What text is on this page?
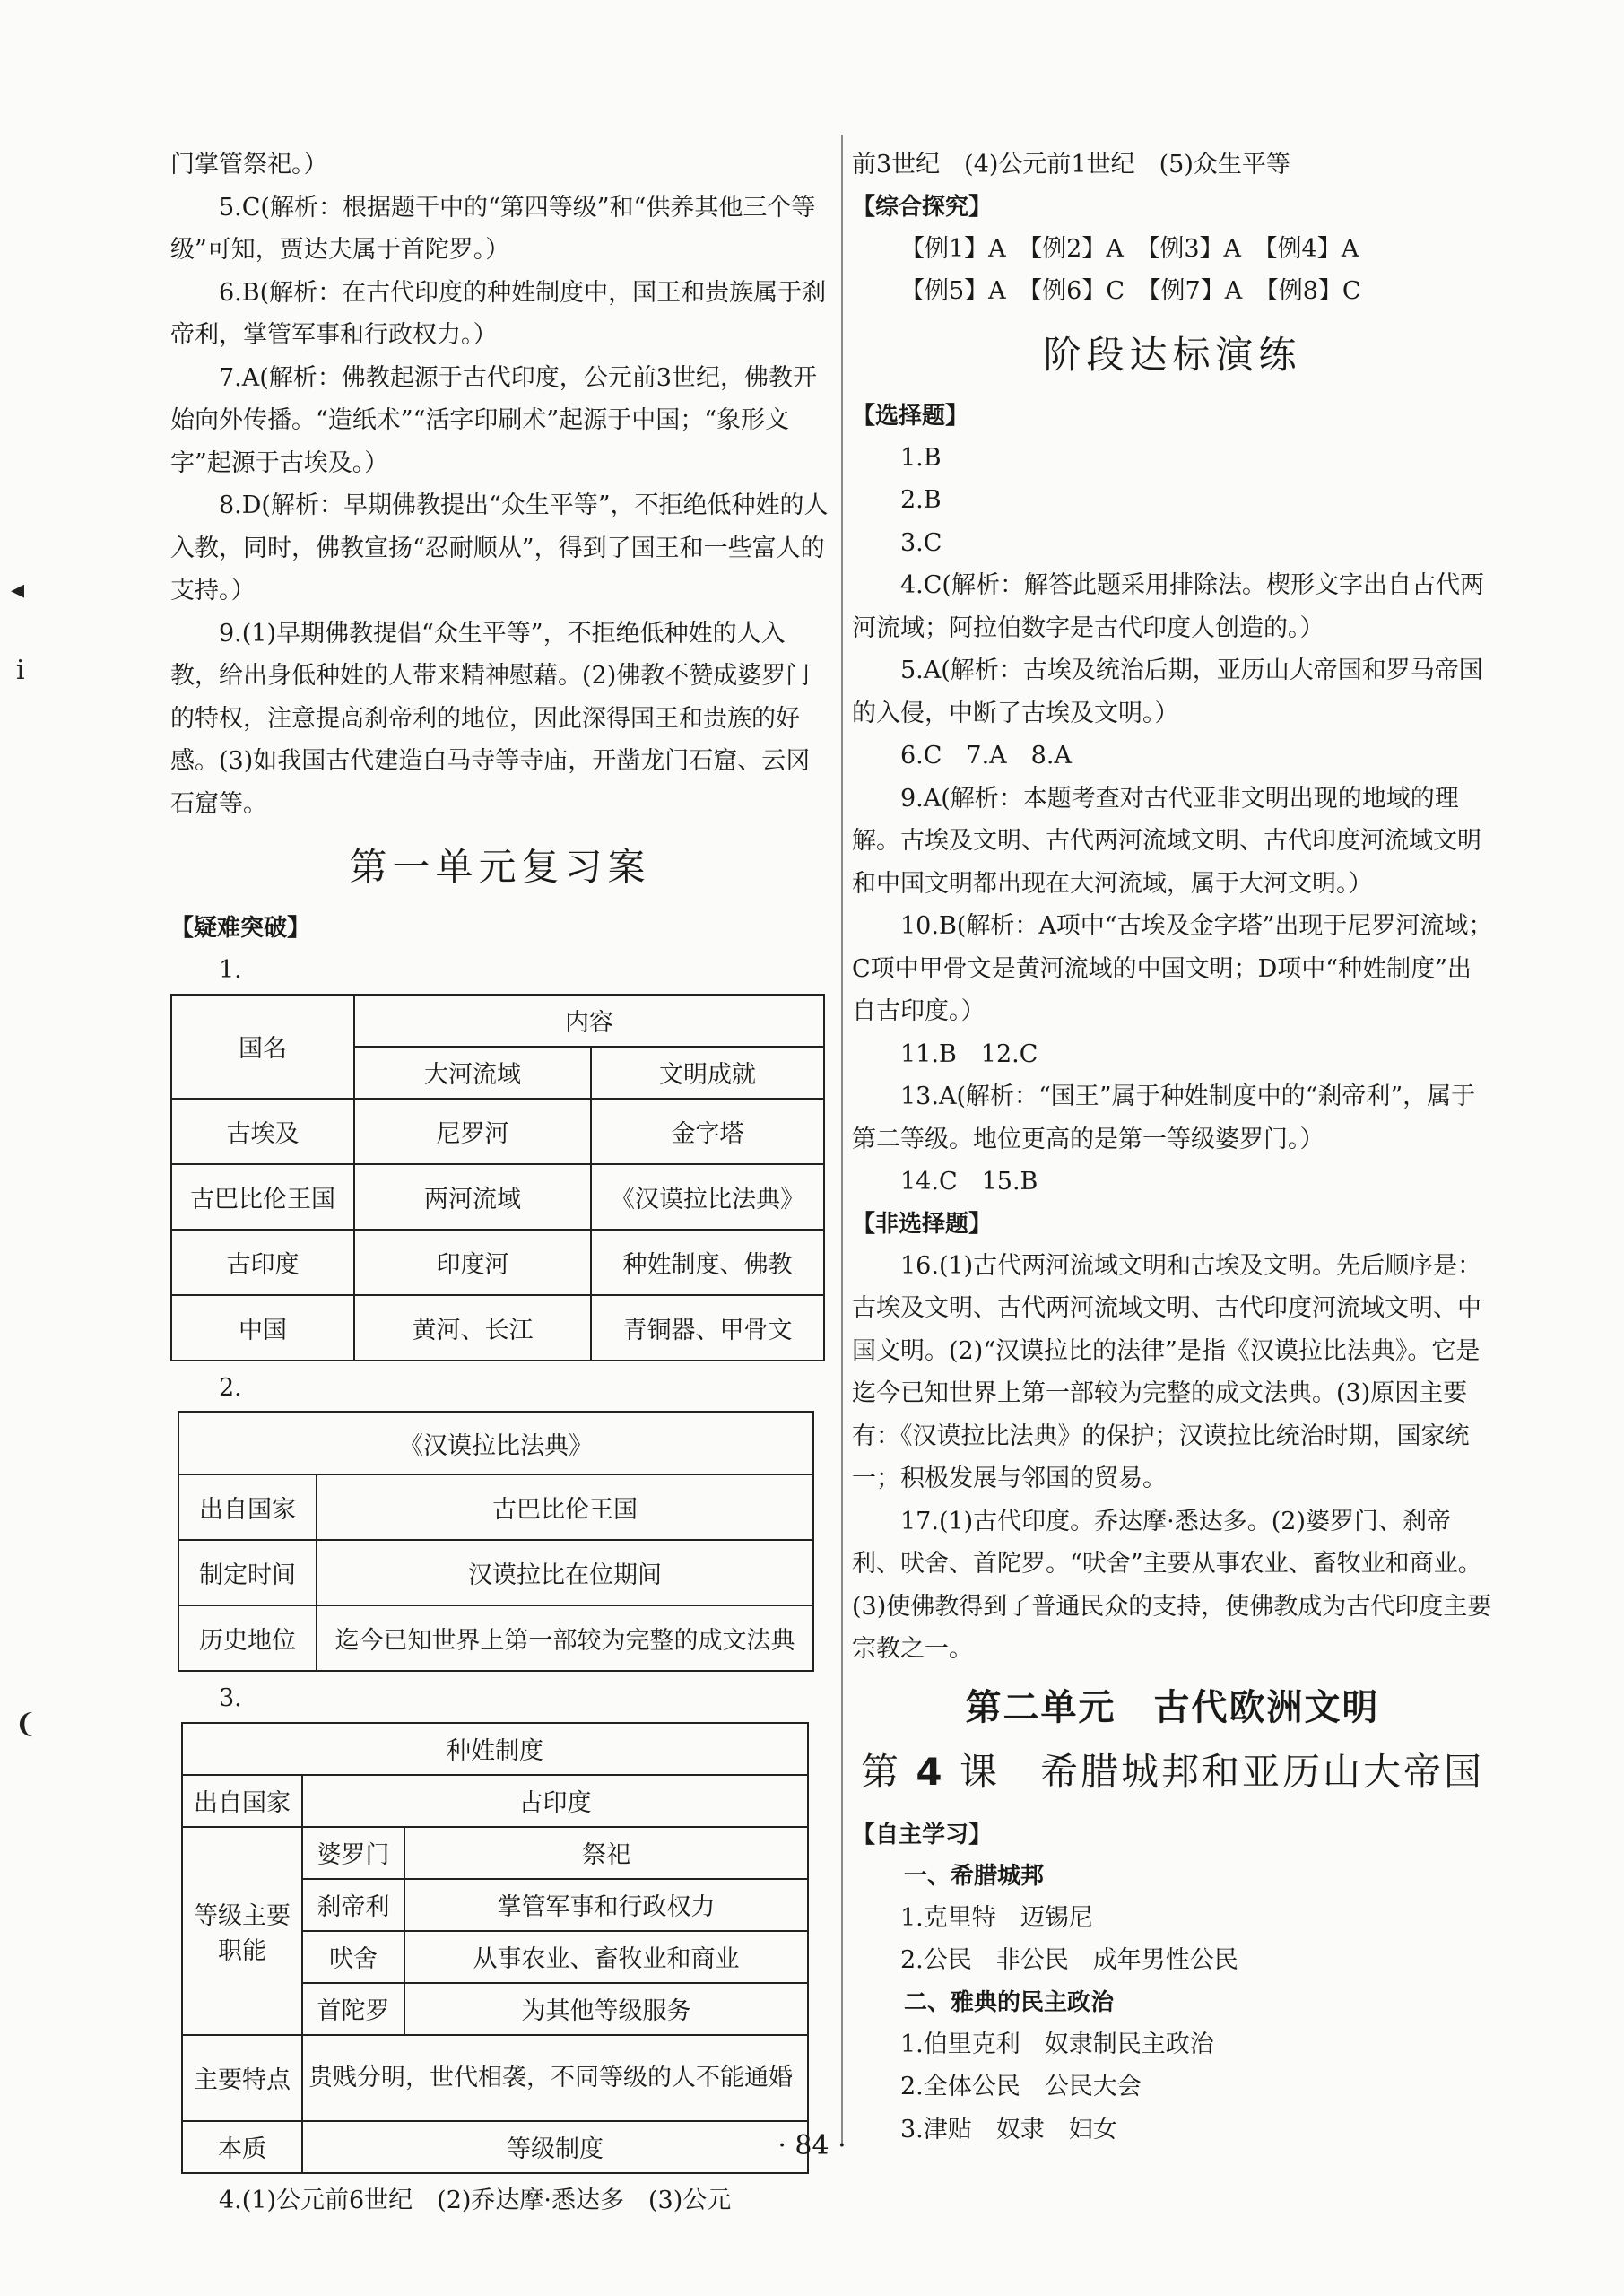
◂
ⅰ
❨

门掌管祭祀。）

5.C(解析：根据题干中的“第四等级”和“供养其他三个等级”可知，贾达夫属于首陀罗。）

6.B(解析：在古代印度的种姓制度中，国王和贵族属于刹帝利，掌管军事和行政权力。）

7.A(解析：佛教起源于古代印度，公元前3世纪，佛教开始向外传播。“造纸术”“活字印刷术”起源于中国；“象形文字”起源于古埃及。）

8.D(解析：早期佛教提出“众生平等”，不拒绝低种姓的人入教，同时，佛教宣扬“忍耐顺从”，得到了国王和一些富人的支持。）

9.(1)早期佛教提倡“众生平等”，不拒绝低种姓的人入教，给出身低种姓的人带来精神慰藉。(2)佛教不赞成婆罗门的特权，注意提高刹帝利的地位，因此深得国王和贵族的好感。(3)如我国古代建造白马寺等寺庙，开凿龙门石窟、云冈石窟等。

第一单元复习案
【疑难突破】

1.

国名	内容	
	大河流域	文明成就
古埃及	尼罗河	金字塔
古巴比伦王国	两河流域	《汉谟拉比法典》
古印度	印度河	种姓制度、佛教
中国	黄河、长江	青铜器、甲骨文

2.

《汉谟拉比法典》	
出自国家	古巴比伦王国
制定时间	汉谟拉比在位期间
历史地位	迄今已知世界上第一部较为完整的成文法典

3.

种姓制度		
出自国家	古印度	
等级主要职能	婆罗门	祭祀
	刹帝利	掌管军事和行政权力
	吠舍	从事农业、畜牧业和商业
	首陀罗	为其他等级服务
主要特点	贵贱分明，世代相袭，不同等级的人不能通婚	
本质	等级制度	

4.(1)公元前6世纪　(2)乔达摩·悉达多　(3)公元

前3世纪　(4)公元前1世纪　(5)众生平等

【综合探究】

【例1】A　【例2】A　【例3】A　【例4】A

【例5】A　【例6】C　【例7】A　【例8】C

阶段达标演练
【选择题】

1.B

2.B

3.C

4.C(解析：解答此题采用排除法。楔形文字出自古代两河流域；阿拉伯数字是古代印度人创造的。）

5.A(解析：古埃及统治后期，亚历山大帝国和罗马帝国的入侵，中断了古埃及文明。）

6.C　7.A　8.A

9.A(解析：本题考查对古代亚非文明出现的地域的理解。古埃及文明、古代两河流域文明、古代印度河流域文明和中国文明都出现在大河流域，属于大河文明。）

10.B(解析：A项中“古埃及金字塔”出现于尼罗河流域；C项中甲骨文是黄河流域的中国文明；D项中“种姓制度”出自古印度。）

11.B　12.C

13.A(解析：“国王”属于种姓制度中的“刹帝利”，属于第二等级。地位更高的是第一等级婆罗门。）

14.C　15.B

【非选择题】

16.(1)古代两河流域文明和古埃及文明。先后顺序是：古埃及文明、古代两河流域文明、古代印度河流域文明、中国文明。(2)“汉谟拉比的法律”是指《汉谟拉比法典》。它是迄今已知世界上第一部较为完整的成文法典。(3)原因主要有：《汉谟拉比法典》的保护；汉谟拉比统治时期，国家统一；积极发展与邻国的贸易。

17.(1)古代印度。乔达摩·悉达多。(2)婆罗门、刹帝利、吠舍、首陀罗。“吠舍”主要从事农业、畜牧业和商业。(3)使佛教得到了普通民众的支持，使佛教成为古代印度主要宗教之一。

第二单元　古代欧洲文明
第 4 课　希腊城邦和亚历山大帝国
【自主学习】
一、希腊城邦

1.克里特　迈锡尼

2.公民　非公民　成年男性公民

二、雅典的民主政治

1.伯里克利　奴隶制民主政治

2.全体公民　公民大会

3.津贴　奴隶　妇女

· 84 ·
